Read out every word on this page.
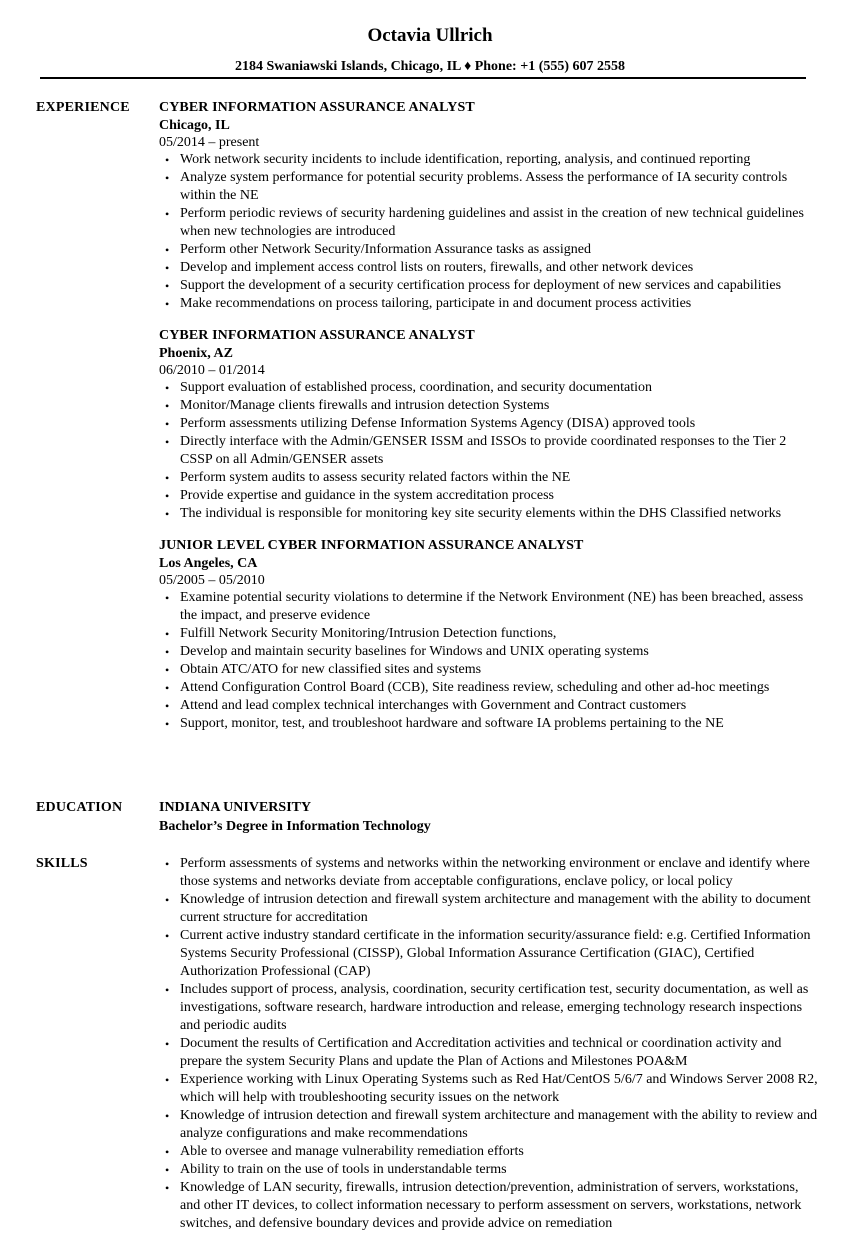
Octavia Ullrich
2184 Swaniawski Islands, Chicago, IL ♦ Phone: +1 (555) 607 2558
EXPERIENCE CYBER INFORMATION ASSURANCE ANALYST
Chicago, IL
05/2014 – present
• Work network security incidents to include identification, reporting, analysis, and continued reporting
• Analyze system performance for potential security problems. Assess the performance of IA security controls within the NE
• Perform periodic reviews of security hardening guidelines and assist in the creation of new technical guidelines when new technologies are introduced
• Perform other Network Security/Information Assurance tasks as assigned
• Develop and implement access control lists on routers, firewalls, and other network devices
• Support the development of a security certification process for deployment of new services and capabilities
• Make recommendations on process tailoring, participate in and document process activities
CYBER INFORMATION ASSURANCE ANALYST
Phoenix, AZ
06/2010 – 01/2014
• Support evaluation of established process, coordination, and security documentation
• Monitor/Manage clients firewalls and intrusion detection Systems
• Perform assessments utilizing Defense Information Systems Agency (DISA) approved tools
• Directly interface with the Admin/GENSER ISSM and ISSOs to provide coordinated responses to the Tier 2 CSSP on all Admin/GENSER assets
• Perform system audits to assess security related factors within the NE
• Provide expertise and guidance in the system accreditation process
• The individual is responsible for monitoring key site security elements within the DHS Classified networks
JUNIOR LEVEL CYBER INFORMATION ASSURANCE ANALYST
Los Angeles, CA
05/2005 – 05/2010
• Examine potential security violations to determine if the Network Environment (NE) has been breached, assess the impact, and preserve evidence
• Fulfill Network Security Monitoring/Intrusion Detection functions,
• Develop and maintain security baselines for Windows and UNIX operating systems
• Obtain ATC/ATO for new classified sites and systems
• Attend Configuration Control Board (CCB), Site readiness review, scheduling and other ad-hoc meetings
• Attend and lead complex technical interchanges with Government and Contract customers
• Support, monitor, test, and troubleshoot hardware and software IA problems pertaining to the NE
EDUCATION	INDIANA UNIVERSITY
Bachelor’s Degree in Information Technology
SKILLS	• Perform assessments of systems and networks within the networking environment or enclave and identify where those systems and networks deviate from acceptable configurations, enclave policy, or local policy
• Knowledge of intrusion detection and firewall system architecture and management with the ability to document current structure for accreditation
• Current active industry standard certificate in the information security/assurance field: e.g. Certified Information Systems Security Professional (CISSP), Global Information Assurance Certification (GIAC), Certified Authorization Professional (CAP)
• Includes support of process, analysis, coordination, security certification test, security documentation, as well as investigations, software research, hardware introduction and release, emerging technology research inspections and periodic audits
• Document the results of Certification and Accreditation activities and technical or coordination activity and prepare the system Security Plans and update the Plan of Actions and Milestones POA&M
• Experience working with Linux Operating Systems such as Red Hat/CentOS 5/6/7 and Windows Server 2008 R2, which will help with troubleshooting security issues on the network
• Knowledge of intrusion detection and firewall system architecture and management with the ability to review and analyze configurations and make recommendations
• Able to oversee and manage vulnerability remediation efforts
• Ability to train on the use of tools in understandable terms
• Knowledge of LAN security, firewalls, intrusion detection/prevention, administration of servers, workstations, and other IT devices, to collect information necessary to perform assessment on servers, workstations, network switches, and defensive boundary devices and provide advice on remediation
